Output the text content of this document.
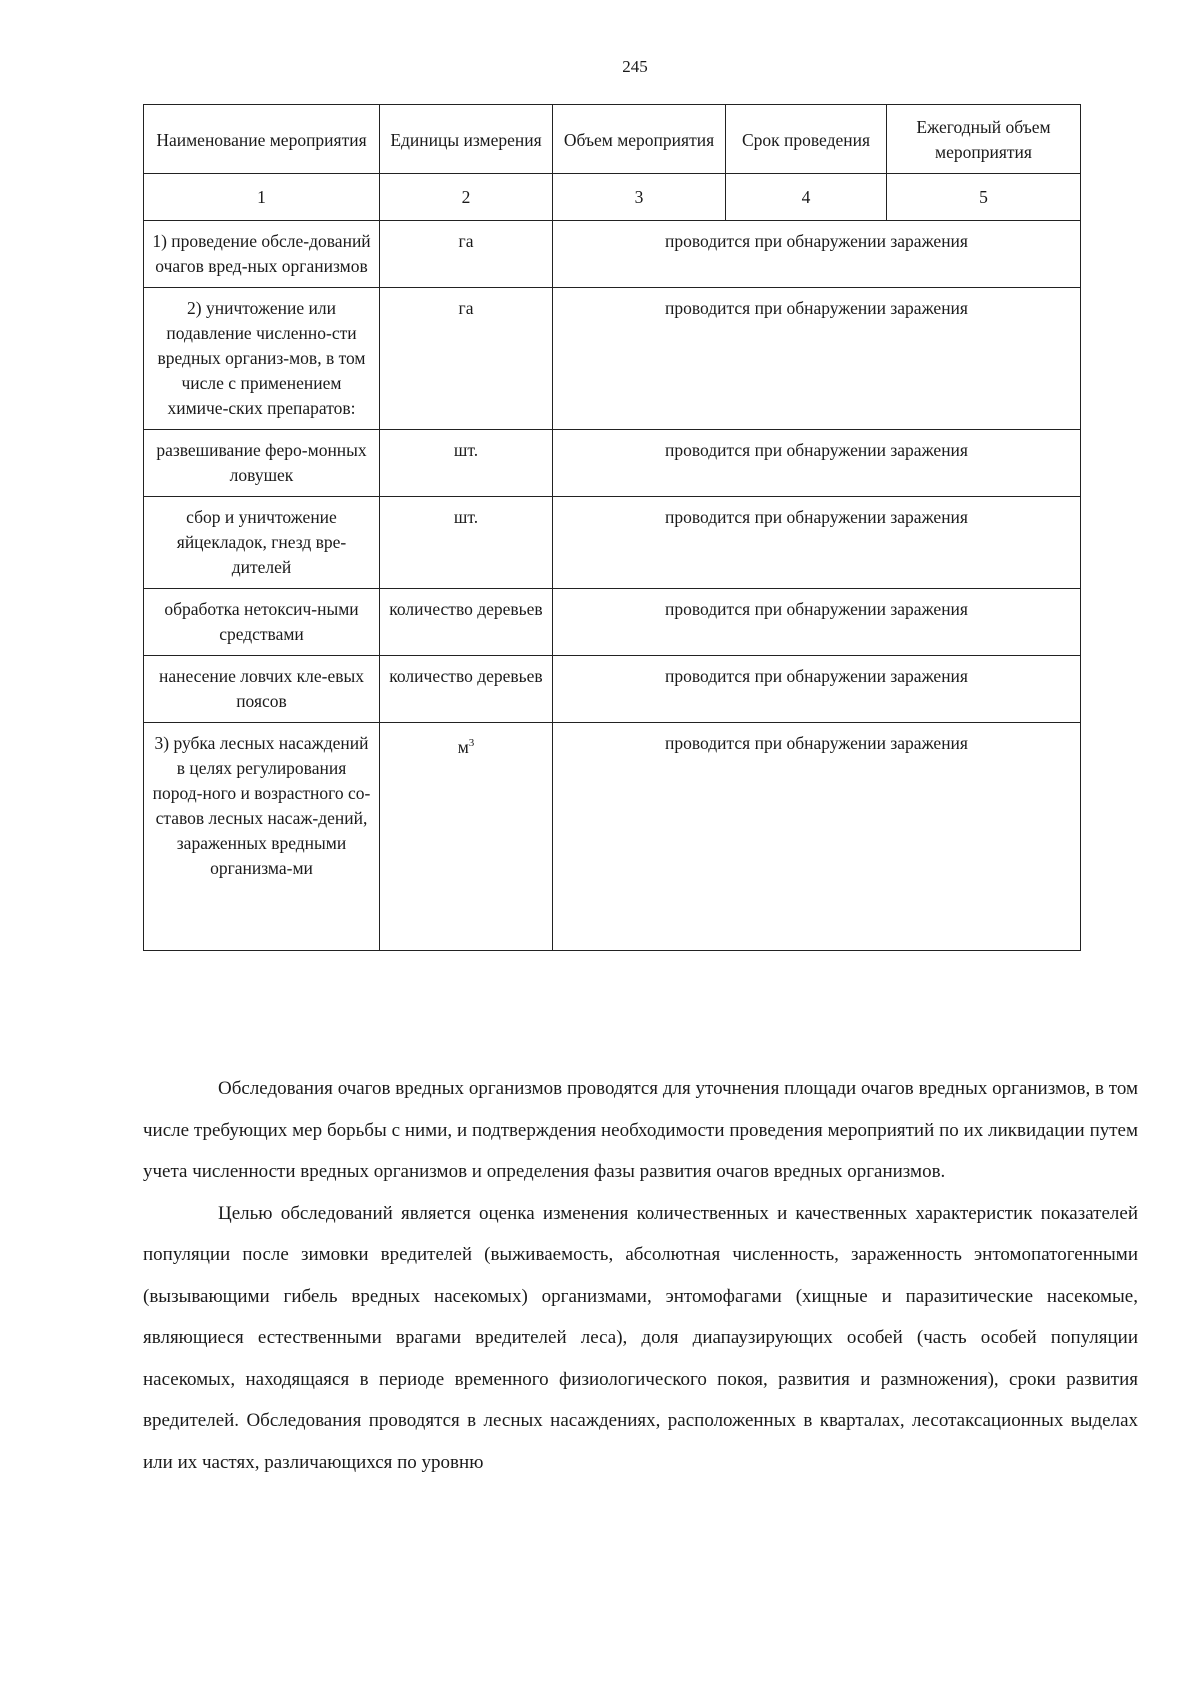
245
Наименование мероприятия	Единицы измерения	Объем мероприятия	Срок проведения	Ежегодный объем мероприятия
1	2	3	4	5
1) проведение обсле-дований очагов вред-ных организмов	га	проводится при обнаружении заражения		
2) уничтожение или подавление численно-сти вредных организ-мов, в том числе с применением химиче-ских препаратов:	га	проводится при обнаружении заражения		
развешивание феро-монных ловушек	шт.	проводится при обнаружении заражения		
сбор и уничтожение яйцекладок, гнезд вре-дителей	шт.	проводится при обнаружении заражения		
обработка нетоксич-ными средствами	количество деревьев	проводится при обнаружении заражения		
нанесение ловчих кле-евых поясов	количество деревьев	проводится при обнаружении заражения		
3) рубка лесных насаждений в целях регулирования пород-ного и возрастного со-ставов лесных насаж-дений, зараженных вредными организма-ми	$м^3$	проводится при обнаружении заражения		

Обследования очагов вредных организмов проводятся для уточнения площади очагов вредных организмов, в том числе требующих мер борьбы с ними, и подтверждения необходимости проведения мероприятий по их ликвидации путем учета численности вредных организмов и определения фазы развития очагов вредных организмов.

Целью обследований является оценка изменения количественных и качественных характеристик показателей популяции после зимовки вредителей (выживаемость, абсолютная численность, зараженность энтомопатогенными (вызывающими гибель вредных насекомых) организмами, энтомофагами (хищные и паразитические насекомые, являющиеся естественными врагами вредителей леса), доля диапаузирующих особей (часть особей популяции насекомых, находящаяся в периоде временного физиологического покоя, развития и размножения), сроки развития вредителей. Обследования проводятся в лесных насаждениях, расположенных в кварталах, лесотаксационных выделах или их частях, различающихся по уровню
